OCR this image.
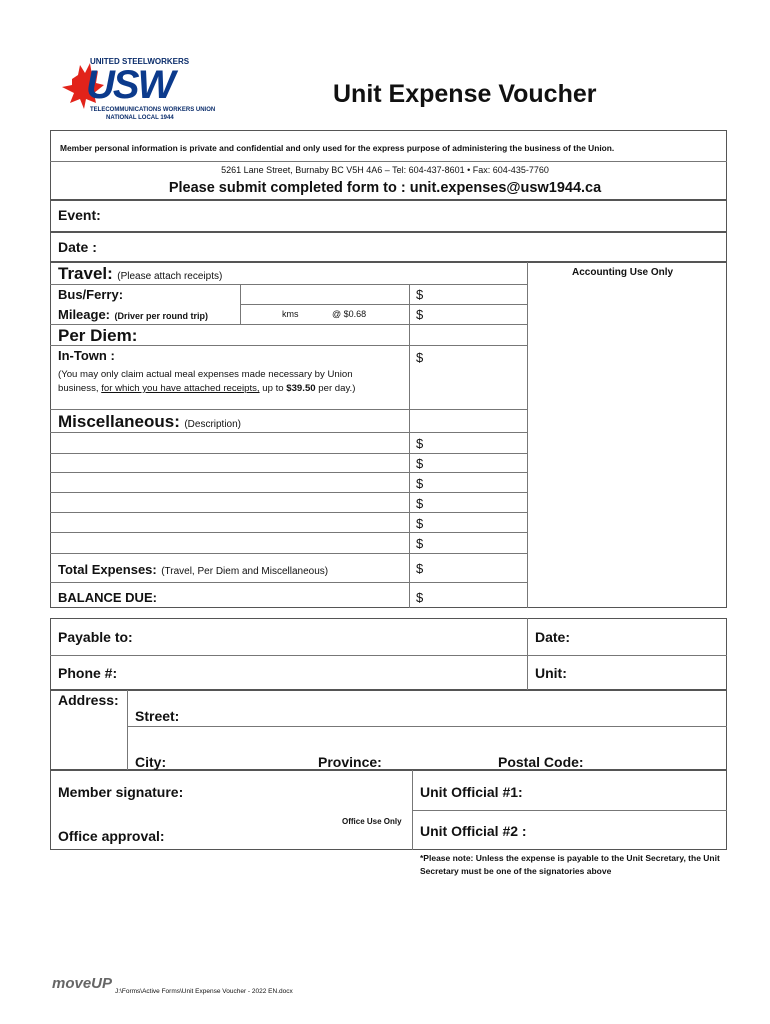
UNITED STEELWORKERS
USW
TELECOMMUNICATIONS WORKERS UNION
NATIONAL LOCAL 1944
Unit Expense Voucher
Member personal information is private and confidential and only used for the express purpose of administering the business of the Union.
5261 Lane Street, Burnaby BC V5H 4A6 – Tel: 604-437-8601 • Fax: 604-435-7760
Please submit completed form to : unit.expenses@usw1944.ca
Event:
Date :
Travel: (Please attach receipts)	Accounting Use Only
Bus/Ferry:	$
Mileage: (Driver per round trip)	kms	@ $0.68	$
Per Diem:
In-Town :	$
(You may only claim actual meal expenses made necessary by Union
business, for which you have attached receipts, up to $39.50 per day.)
Miscellaneous: (Description)
$
$
$
$
$
$
Total Expenses: (Travel, Per Diem and Miscellaneous)	$
BALANCE DUE:	$
Payable to:	Date:
Phone #:	Unit:
Address:
Street:
City:	Province:	Postal Code:
Member signature:	Unit Official #1:
Office Use Only
Office approval:	Unit Official #2 :
*Please note: Unless the expense is payable to the Unit Secretary, the Unit Secretary must be one of the signatories above
moveUP J:\Forms\Active Forms\Unit Expense Voucher - 2022 EN.docx
